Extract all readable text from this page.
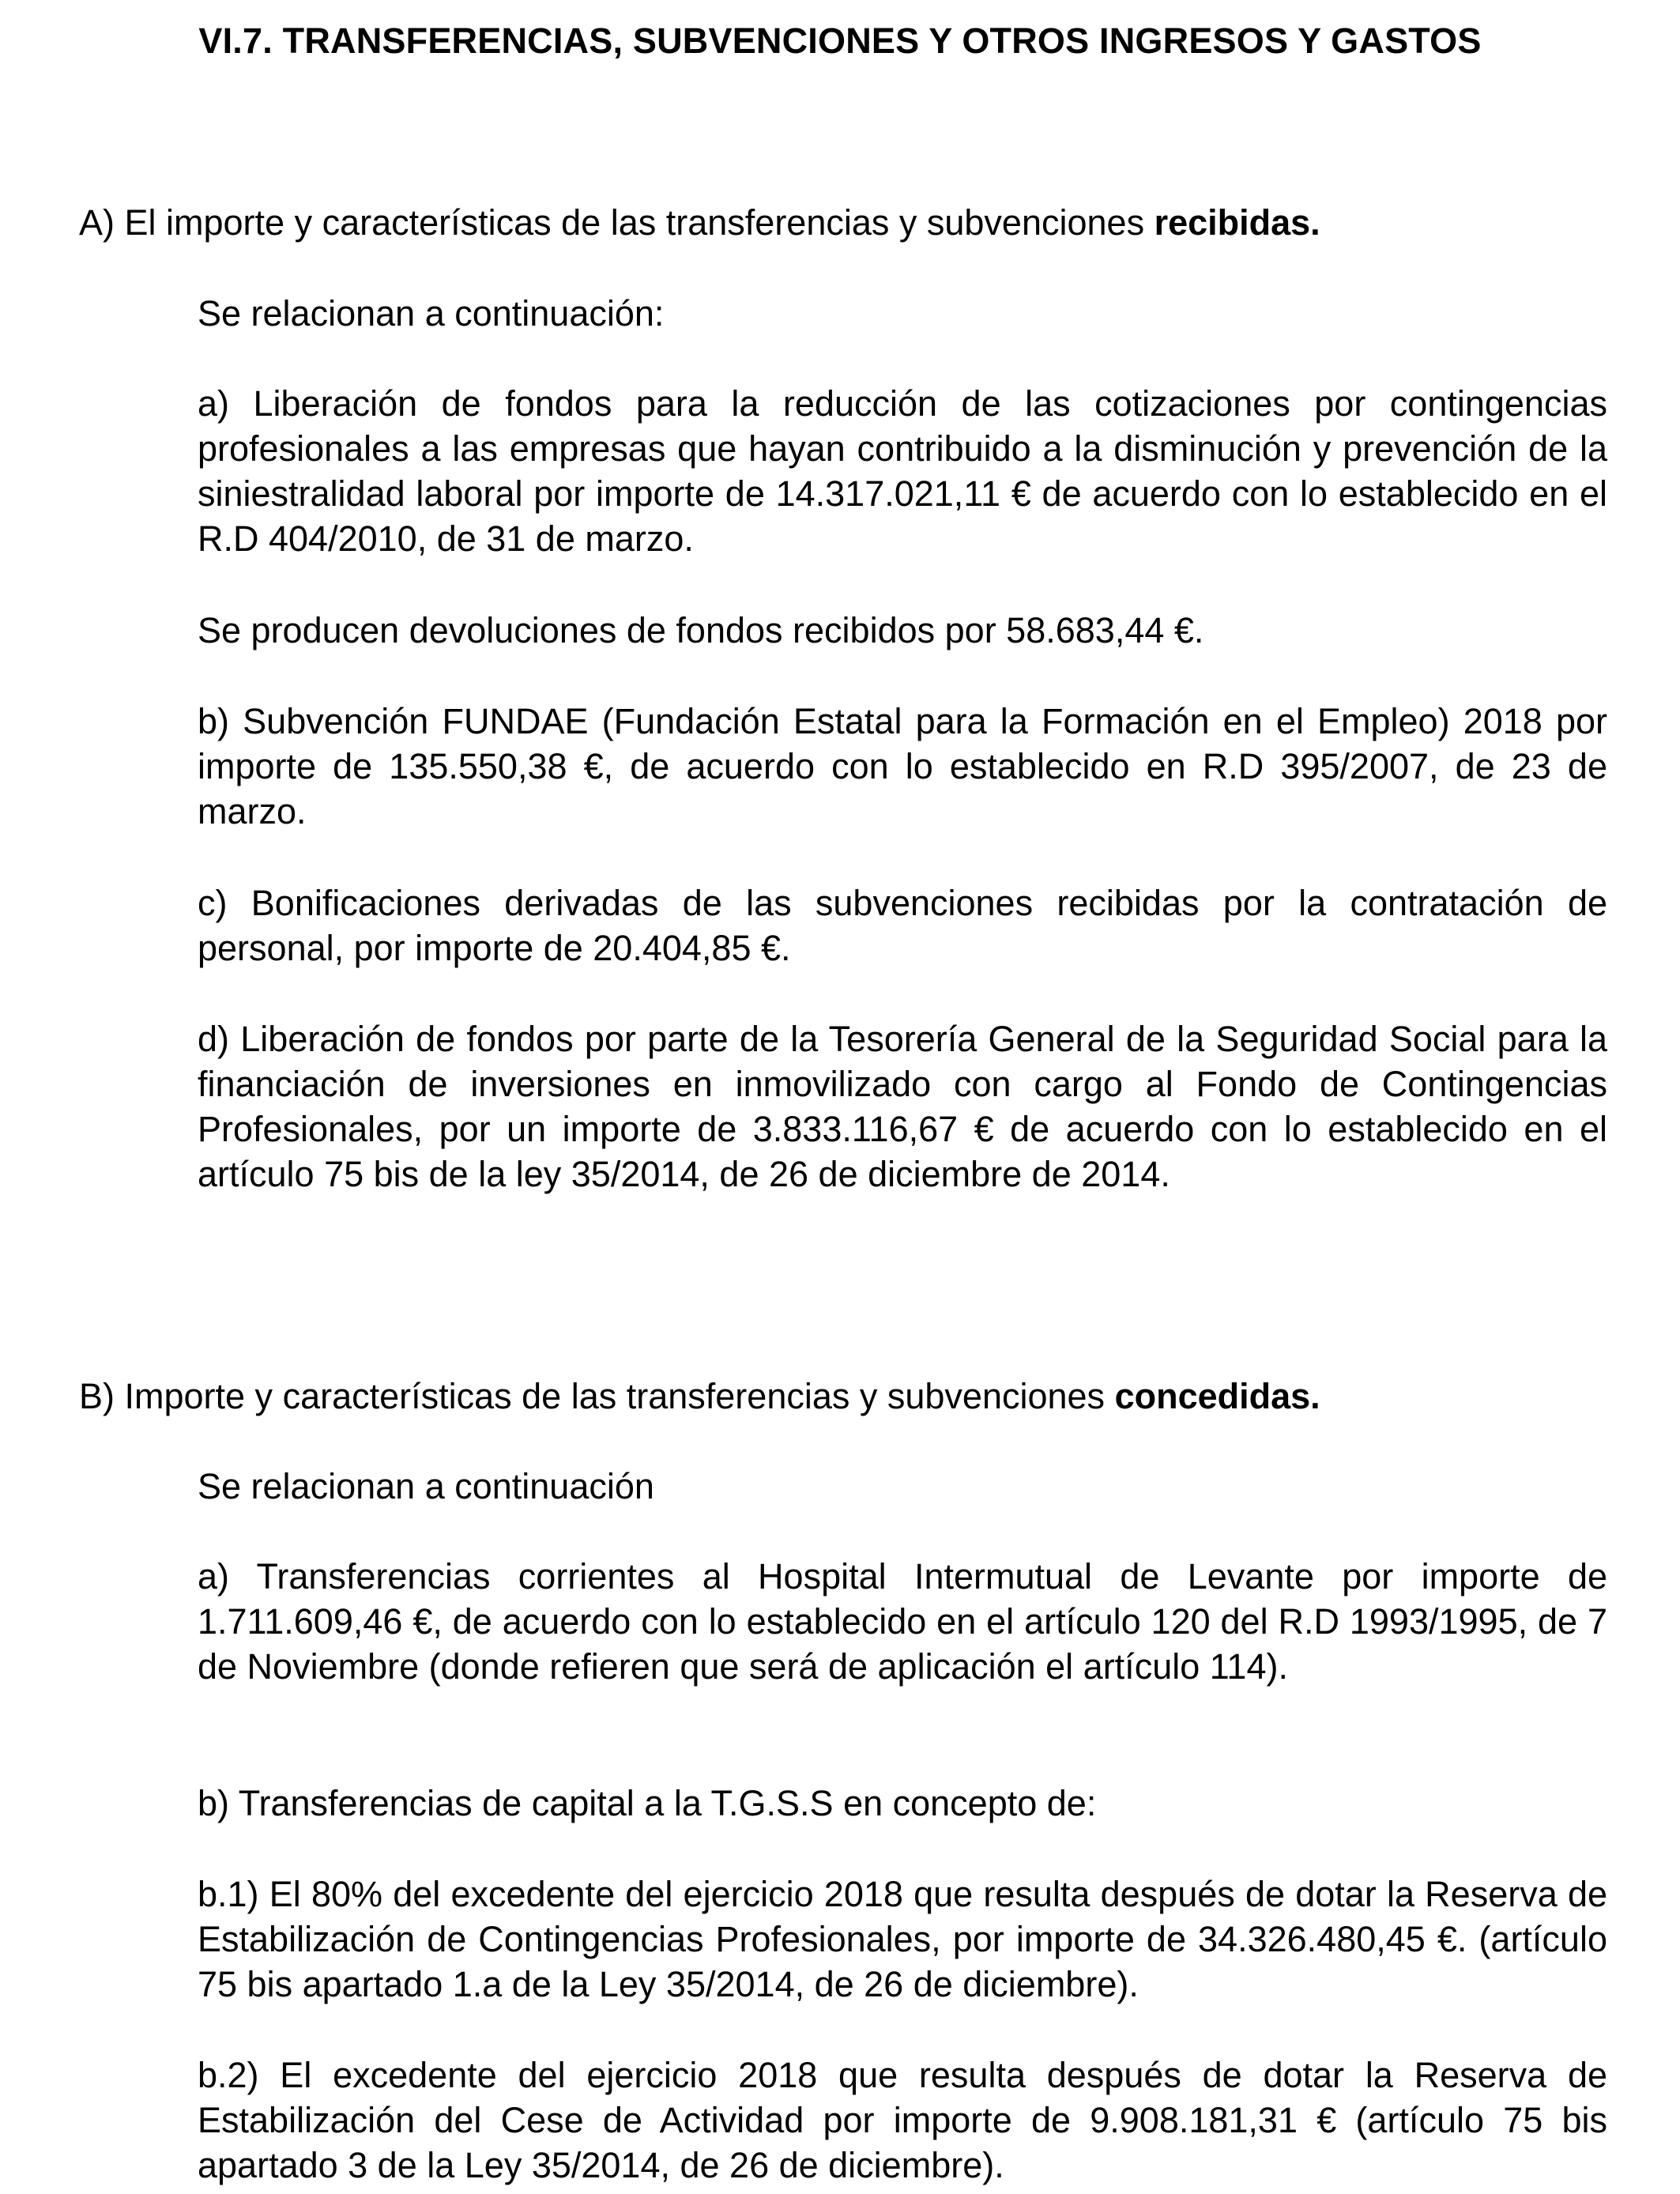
VI.7. TRANSFERENCIAS, SUBVENCIONES Y OTROS INGRESOS Y GASTOS

A) El importe y características de las transferencias y subvenciones recibidas.

Se relacionan a continuación:

a) Liberación de fondos para la reducción de las cotizaciones por contingencias profesionales a las empresas que hayan contribuido a la disminución y prevención de la siniestralidad laboral por importe de 14.317.021,11 € de acuerdo con lo establecido en el R.D 404/2010, de 31 de marzo.

Se producen devoluciones de fondos recibidos por 58.683,44 €.

b) Subvención FUNDAE (Fundación Estatal para la Formación en el Empleo) 2018 por importe de 135.550,38 €, de acuerdo con lo establecido en R.D 395/2007, de 23 de marzo.

c) Bonificaciones derivadas de las subvenciones recibidas por la contratación de personal, por importe de 20.404,85 €.

d) Liberación de fondos por parte de la Tesorería General de la Seguridad Social para la financiación de inversiones en inmovilizado con cargo al Fondo de Contingencias Profesionales, por un importe de 3.833.116,67 € de acuerdo con lo establecido en el artículo 75 bis de la ley 35/2014, de 26 de diciembre de 2014.

B) Importe y características de las transferencias y subvenciones concedidas.

Se relacionan a continuación

a) Transferencias corrientes al Hospital Intermutual de Levante por importe de 1.711.609,46 €, de acuerdo con lo establecido en el artículo 120 del R.D 1993/1995, de 7 de Noviembre (donde refieren que será de aplicación el artículo 114).

b) Transferencias de capital a la T.G.S.S en concepto de:

b.1) El 80% del excedente del ejercicio 2018 que resulta después de dotar la Reserva de Estabilización de Contingencias Profesionales, por importe de 34.326.480,45 €. (artículo 75 bis apartado 1.a de la Ley 35/2014, de 26 de diciembre).

b.2) El excedente del ejercicio 2018 que resulta después de dotar la Reserva de Estabilización del Cese de Actividad por importe de 9.908.181,31 € (artículo 75 bis apartado 3 de la Ley 35/2014, de 26 de diciembre).
